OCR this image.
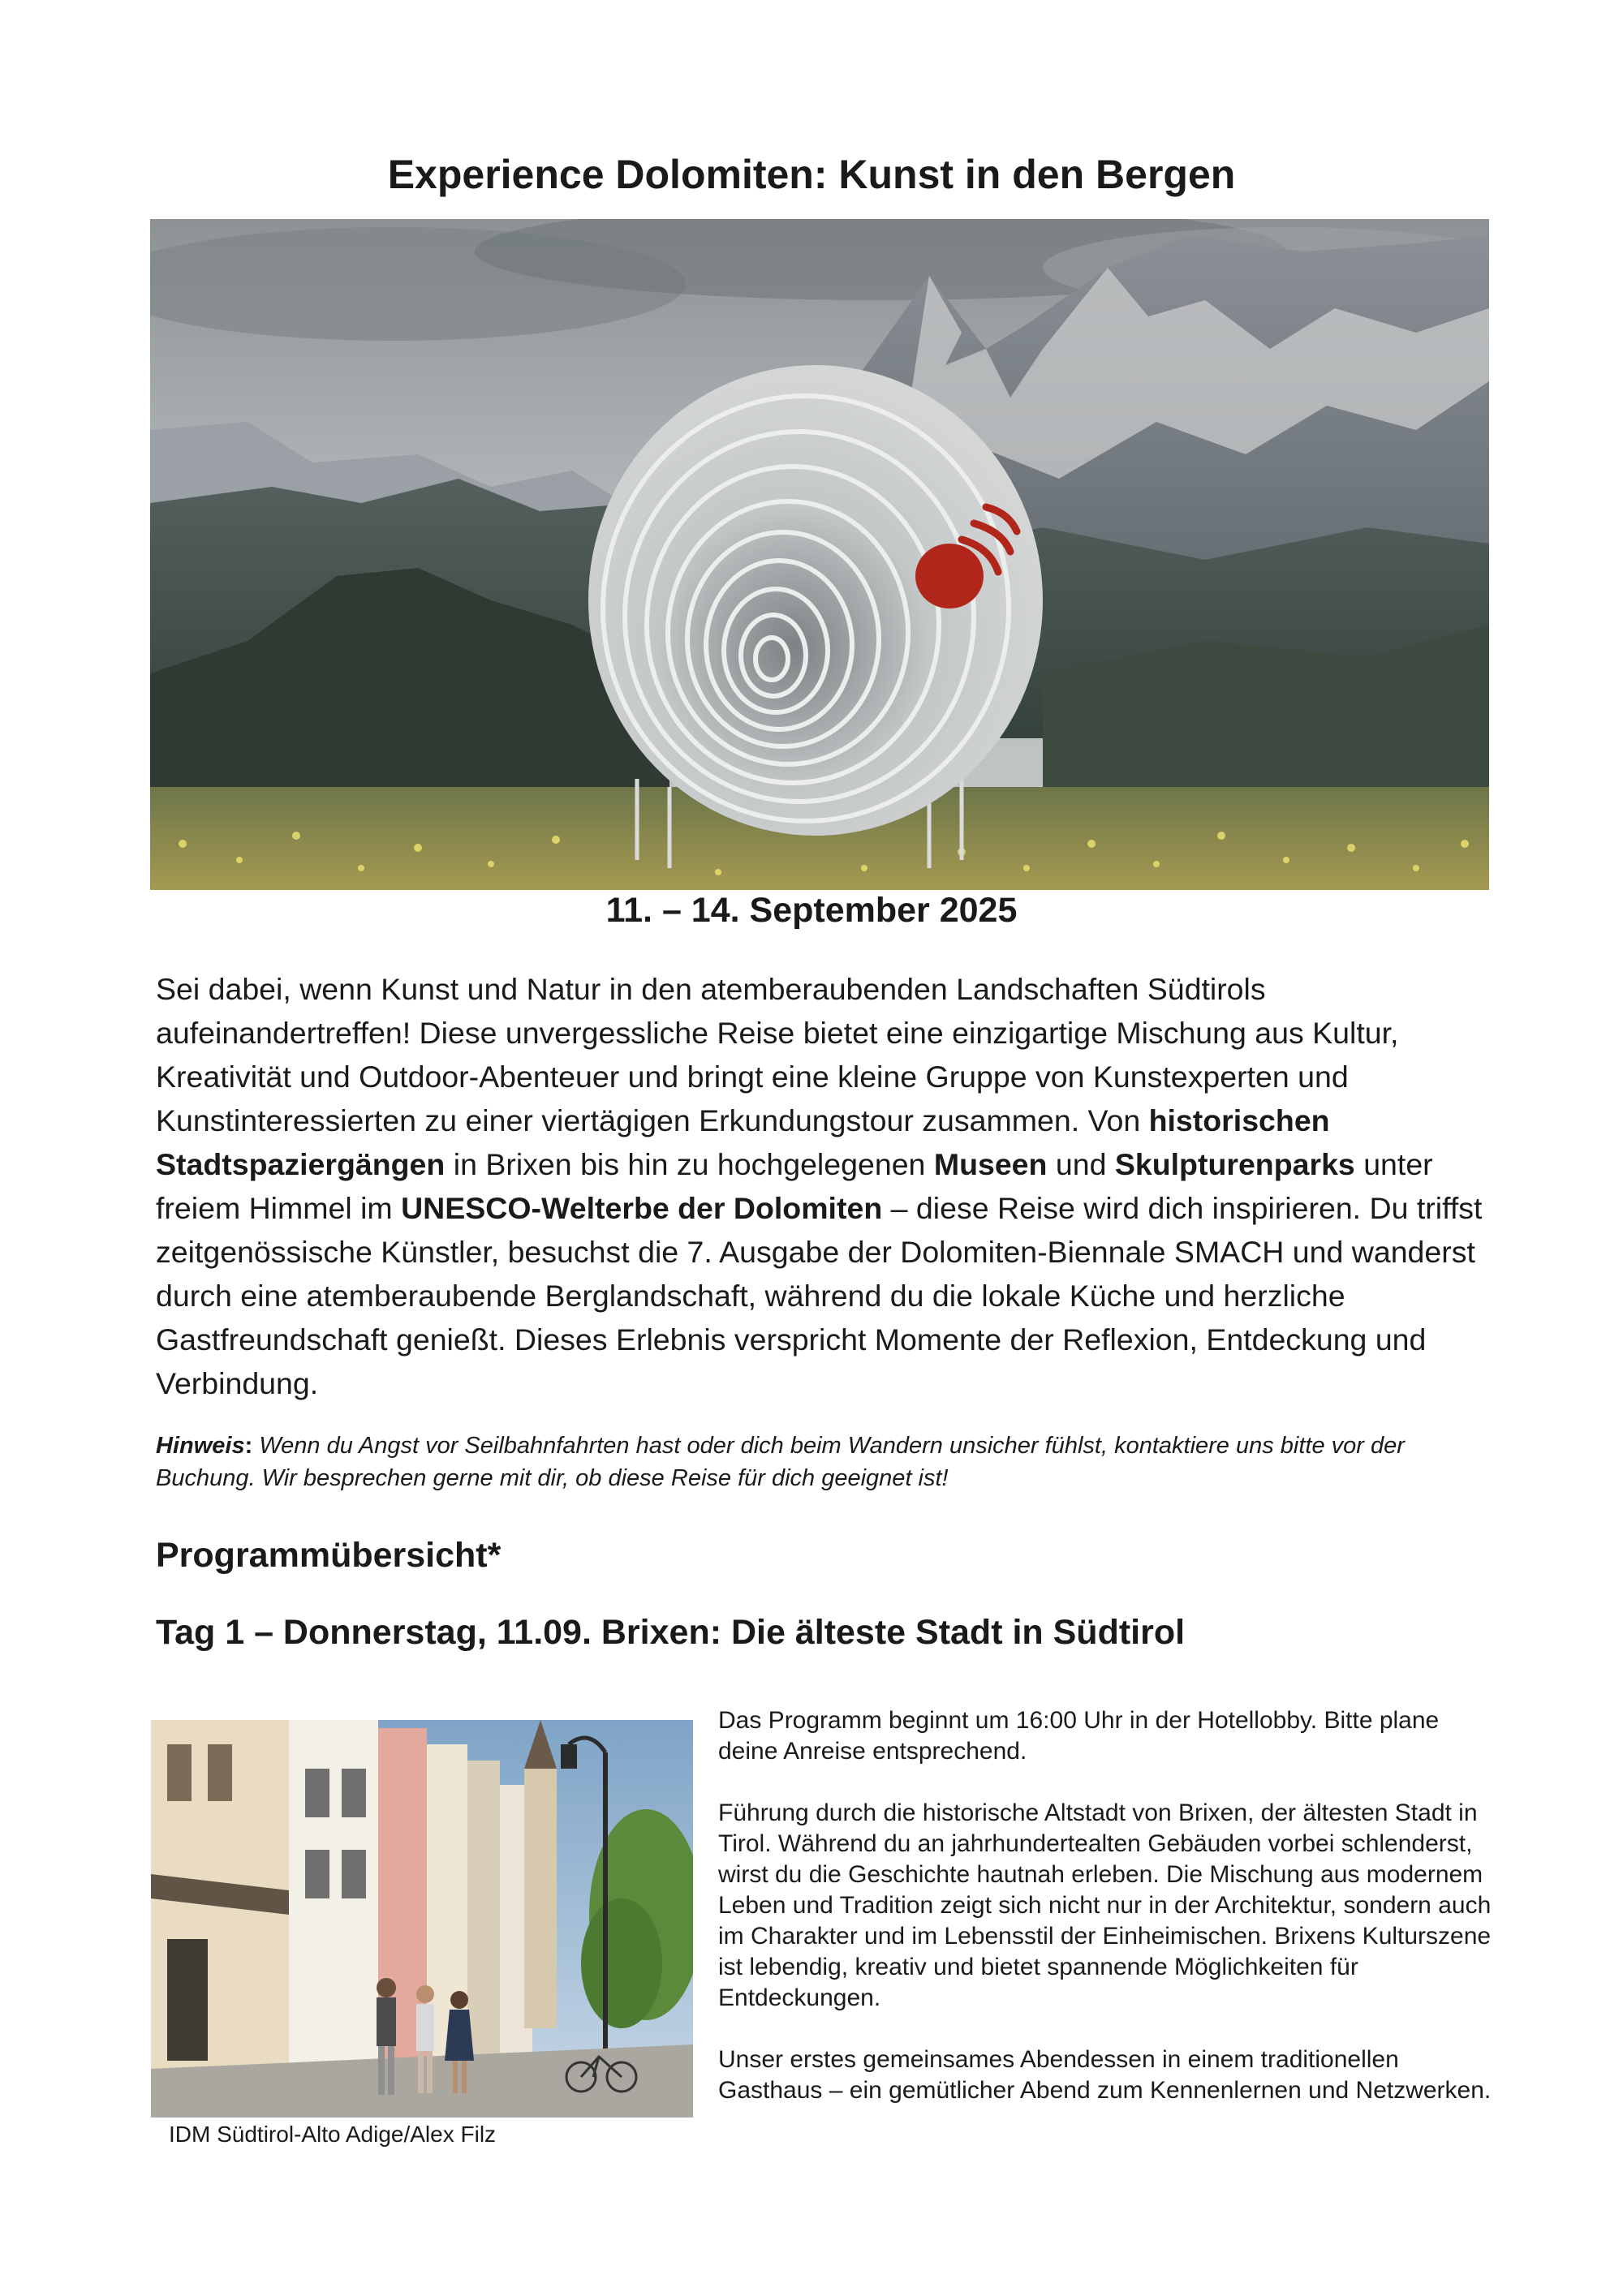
Experience Dolomiten: Kunst in den Bergen
11. – 14. September 2025

Sei dabei, wenn Kunst und Natur in den atemberaubenden Landschaften Südtirols aufeinandertreffen! Diese unvergessliche Reise bietet eine einzigartige Mischung aus Kultur, Kreativität und Outdoor-Abenteuer und bringt eine kleine Gruppe von Kunstexperten und Kunstinteressierten zu einer viertägigen Erkundungstour zusammen. Von historischen Stadtspaziergängen in Brixen bis hin zu hochgelegenen Museen und Skulpturenparks unter freiem Himmel im UNESCO-Welterbe der Dolomiten – diese Reise wird dich inspirieren. Du triffst zeitgenössische Künstler, besuchst die 7. Ausgabe der Dolomiten-Biennale SMACH und wanderst durch eine atemberaubende Berglandschaft, während du die lokale Küche und herzliche Gastfreundschaft genießt. Dieses Erlebnis verspricht Momente der Reflexion, Entdeckung und Verbindung.

Hinweis: Wenn du Angst vor Seilbahnfahrten hast oder dich beim Wandern unsicher fühlst, kontaktiere uns bitte vor der Buchung. Wir besprechen gerne mit dir, ob diese Reise für dich geeignet ist!

Programmübersicht*
Tag 1 – Donnerstag, 11.09. Brixen: Die älteste Stadt in Südtirol
IDM Südtirol-Alto Adige/Alex Filz

Das Programm beginnt um 16:00 Uhr in der Hotellobby. Bitte plane deine Anreise entsprechend.

Führung durch die historische Altstadt von Brixen, der ältesten Stadt in Tirol. Während du an jahrhundertealten Gebäuden vorbei schlenderst, wirst du die Geschichte hautnah erleben. Die Mischung aus modernem Leben und Tradition zeigt sich nicht nur in der Architektur, sondern auch im Charakter und im Lebensstil der Einheimischen. Brixens Kulturszene ist lebendig, kreativ und bietet spannende Möglichkeiten für Entdeckungen.

Unser erstes gemeinsames Abendessen in einem traditionellen Gasthaus – ein gemütlicher Abend zum Kennenlernen und Netzwerken.
